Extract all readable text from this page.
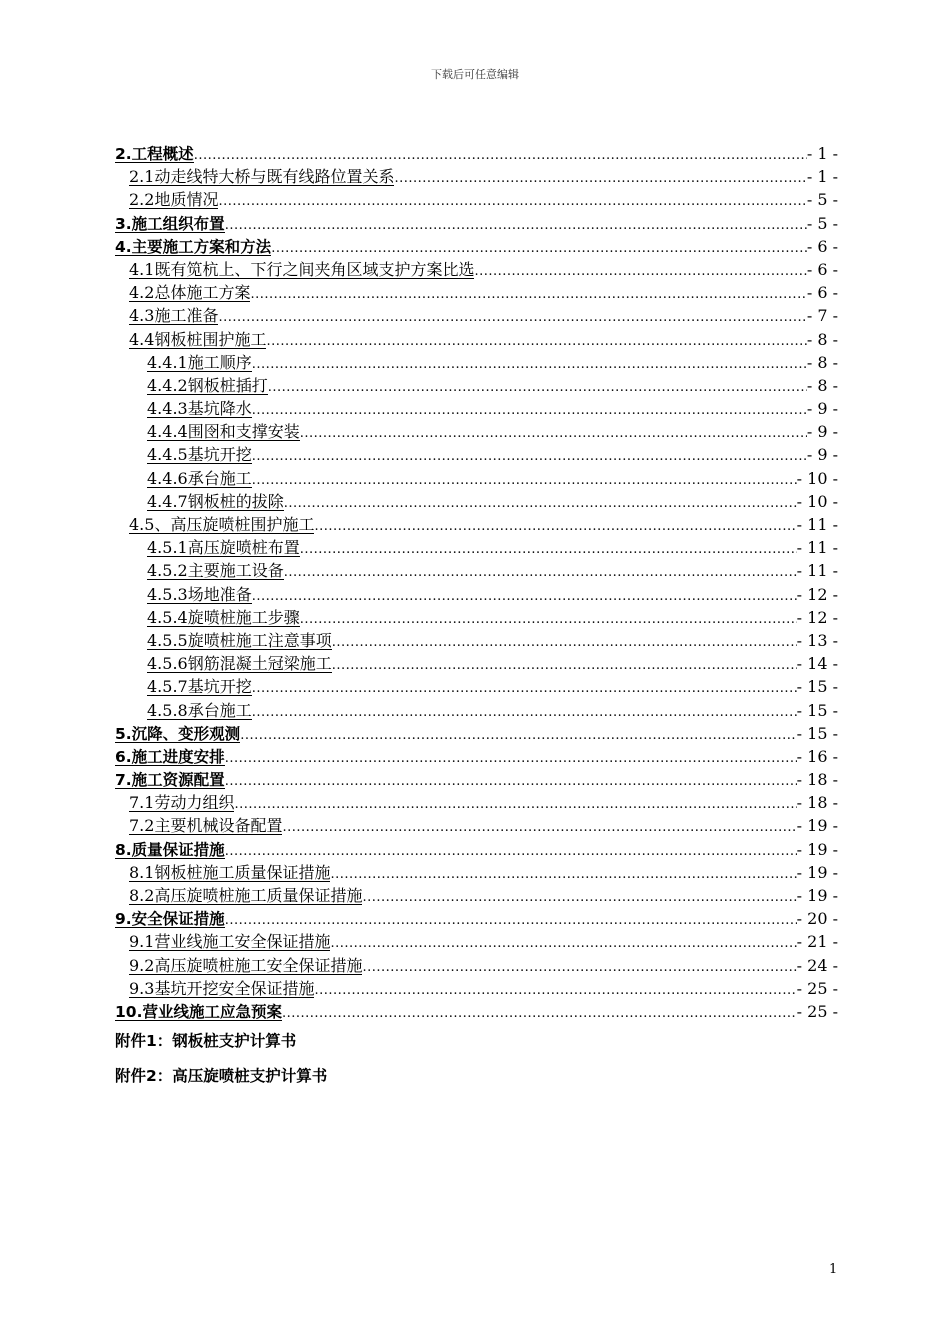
下载后可任意编辑
2.工程概述 .....	- 1 -
2.1动走线特大桥与既有线路位置关系 .....	- 1 -
2.2地质情况 .....	- 5 -
3.施工组织布置 .....	- 5 -
4.主要施工方案和方法 .....	- 6 -
4.1既有笕杭上、下行之间夹角区域支护方案比选 .....	- 6 -
4.2总体施工方案 .....	- 6 -
4.3施工准备 .....	- 7 -
4.4钢板桩围护施工 .....	- 8 -
4.4.1施工顺序 .....	- 8 -
4.4.2钢板桩插打 .....	- 8 -
4.4.3基坑降水 .....	- 9 -
4.4.4围囹和支撑安装 .....	- 9 -
4.4.5基坑开挖 .....	- 9 -
4.4.6承台施工 .....	- 10 -
4.4.7钢板桩的拔除 .....	- 10 -
4.5、高压旋喷桩围护施工 .....	- 11 -
4.5.1高压旋喷桩布置 .....	- 11 -
4.5.2主要施工设备 .....	- 11 -
4.5.3场地准备 .....	- 12 -
4.5.4旋喷桩施工步骤 .....	- 12 -
4.5.5旋喷桩施工注意事项 .....	- 13 -
4.5.6钢筋混凝土冠梁施工 .....	- 14 -
4.5.7基坑开挖 .....	- 15 -
4.5.8承台施工 .....	- 15 -
5.沉降、变形观测 .....	- 15 -
6.施工进度安排 .....	- 16 -
7.施工资源配置 .....	- 18 -
7.1劳动力组织 .....	- 18 -
7.2主要机械设备配置 .....	- 19 -
8.质量保证措施 .....	- 19 -
8.1钢板桩施工质量保证措施 .....	- 19 -
8.2高压旋喷桩施工质量保证措施 .....	- 19 -
9.安全保证措施 .....	- 20 -
9.1营业线施工安全保证措施 .....	- 21 -
9.2高压旋喷桩施工安全保证措施 .....	- 24 -
9.3基坑开挖安全保证措施 .....	- 25 -
10.营业线施工应急预案 .....	- 25 -
附件1：钢板桩支护计算书
附件2：高压旋喷桩支护计算书
1
